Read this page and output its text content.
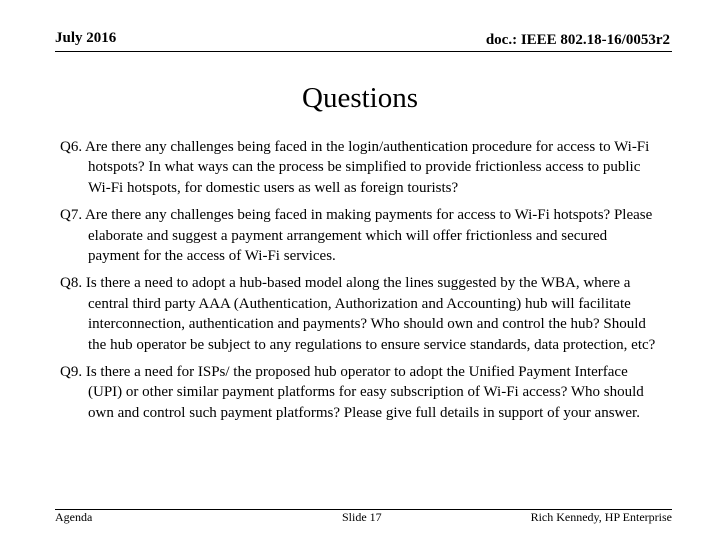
July 2016	doc.: IEEE 802.18-16/0053r2
Questions
Q6. Are there any challenges being faced in the login/authentication procedure for access to Wi-Fi hotspots? In what ways can the process be simplified to provide frictionless access to public Wi-Fi hotspots, for domestic users as well as foreign tourists?
Q7. Are there any challenges being faced in making payments for access to Wi-Fi hotspots? Please elaborate and suggest a payment arrangement which will offer frictionless and secured payment for the access of Wi-Fi services.
Q8. Is there a need to adopt a hub-based model along the lines suggested by the WBA, where a central third party AAA (Authentication, Authorization and Accounting) hub will facilitate interconnection, authentication and payments? Who should own and control the hub? Should the hub operator be subject to any regulations to ensure service standards, data protection, etc?
Q9. Is there a need for ISPs/ the proposed hub operator to adopt the Unified Payment Interface (UPI) or other similar payment platforms for easy subscription of Wi-Fi access? Who should own and control such payment platforms? Please give full details in support of your answer.
Agenda	Slide 17	Rich Kennedy, HP Enterprise
